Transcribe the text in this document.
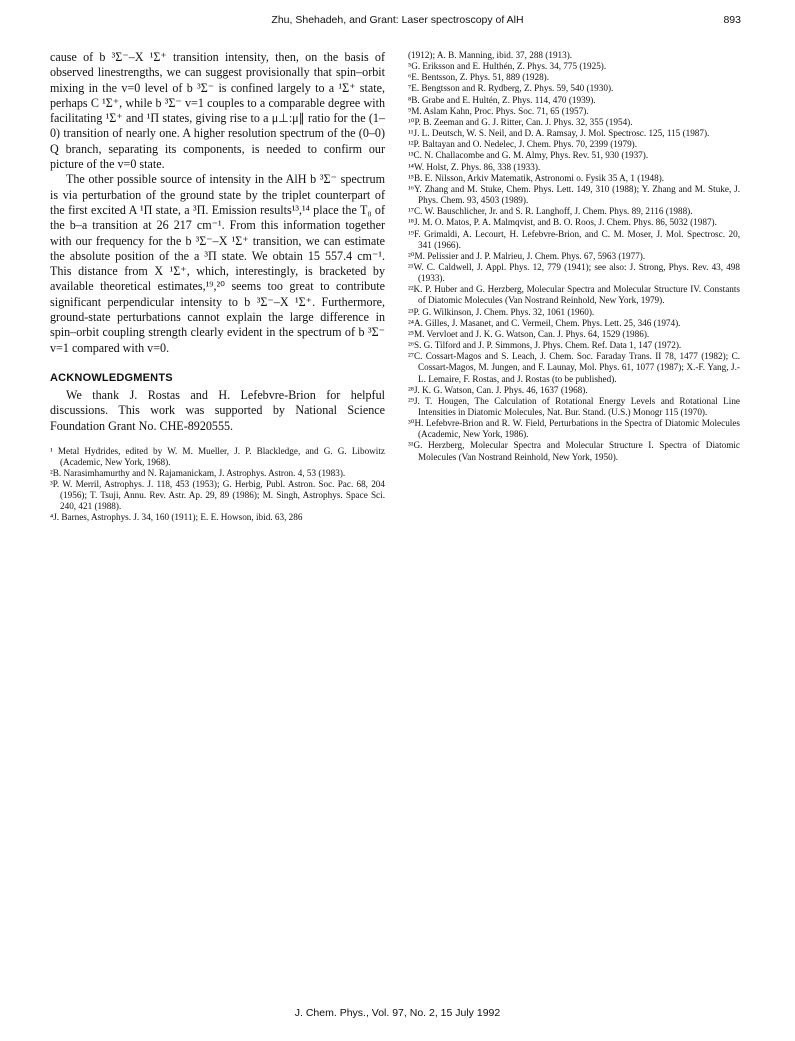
Zhu, Shehadeh, and Grant: Laser spectroscopy of AlH	893

cause of b ³Σ⁻–X ¹Σ⁺ transition intensity, then, on the basis of observed linestrengths, we can suggest provisionally that spin–orbit mixing in the v=0 level of b ³Σ⁻ is confined largely to a ¹Σ⁺ state, perhaps C ¹Σ⁺, while b ³Σ⁻ v=1 couples to a comparable degree with facilitating ¹Σ⁺ and ¹Π states, giving rise to a μ⊥:μ∥ ratio for the (1–0) transition of nearly one. A higher resolution spectrum of the (0–0) Q branch, separating its components, is needed to confirm our picture of the v=0 state.

The other possible source of intensity in the AlH b ³Σ⁻ spectrum is via perturbation of the ground state by the triplet counterpart of the first excited A ¹Π state, a ³Π. Emission results¹³,¹⁴ place the T₀ of the b–a transition at 26 217 cm⁻¹. From this information together with our frequency for the b ³Σ⁻–X ¹Σ⁺ transition, we can estimate the absolute position of the a ³Π state. We obtain 15 557.4 cm⁻¹. This distance from X ¹Σ⁺, which, interestingly, is bracketed by available theoretical estimates,¹⁹,²⁰ seems too great to contribute significant perpendicular intensity to b ³Σ⁻–X ¹Σ⁺. Furthermore, ground-state perturbations cannot explain the large difference in spin–orbit coupling strength clearly evident in the spectrum of b ³Σ⁻ v=1 compared with v=0.

ACKNOWLEDGMENTS

We thank J. Rostas and H. Lefebvre-Brion for helpful discussions. This work was supported by National Science Foundation Grant No. CHE-8920555.

¹ Metal Hydrides, edited by W. M. Mueller, J. P. Blackledge, and G. G. Libowitz (Academic, New York, 1968).

²B. Narasimhamurthy and N. Rajamanickam, J. Astrophys. Astron. 4, 53 (1983).

³P. W. Merril, Astrophys. J. 118, 453 (1953); G. Herbig, Publ. Astron. Soc. Pac. 68, 204 (1956); T. Tsuji, Annu. Rev. Astr. Ap. 29, 89 (1986); M. Singh, Astrophys. Space Sci. 240, 421 (1988).

⁴J. Barnes, Astrophys. J. 34, 160 (1911); E. E. Howson, ibid. 63, 286

(1912); A. B. Manning, ibid. 37, 288 (1913).

⁵G. Eriksson and E. Hulthén, Z. Phys. 34, 775 (1925).

⁶E. Bentsson, Z. Phys. 51, 889 (1928).

⁷E. Bengtsson and R. Rydberg, Z. Phys. 59, 540 (1930).

⁸B. Grabe and E. Hultén, Z. Phys. 114, 470 (1939).

⁹M. Aslam Kahn, Proc. Phys. Soc. 71, 65 (1957).

¹⁰P. B. Zeeman and G. J. Ritter, Can. J. Phys. 32, 355 (1954).

¹¹J. L. Deutsch, W. S. Neil, and D. A. Ramsay, J. Mol. Spectrosc. 125, 115 (1987).

¹²P. Baltayan and O. Nedelec, J. Chem. Phys. 70, 2399 (1979).

¹³C. N. Challacombe and G. M. Almy, Phys. Rev. 51, 930 (1937).

¹⁴W. Holst, Z. Phys. 86, 338 (1933).

¹⁵B. E. Nilsson, Arkiv Matematik, Astronomi o. Fysik 35 A, 1 (1948).

¹⁶Y. Zhang and M. Stuke, Chem. Phys. Lett. 149, 310 (1988); Y. Zhang and M. Stuke, J. Phys. Chem. 93, 4503 (1989).

¹⁷C. W. Bauschlicher, Jr. and S. R. Langhoff, J. Chem. Phys. 89, 2116 (1988).

¹⁸J. M. O. Matos, P. A. Malmqvist, and B. O. Roos, J. Chem. Phys. 86, 5032 (1987).

¹⁹F. Grimaldi, A. Lecourt, H. Lefebvre-Brion, and C. M. Moser, J. Mol. Spectrosc. 20, 341 (1966).

²⁰M. Pelissier and J. P. Malrieu, J. Chem. Phys. 67, 5963 (1977).

²¹W. C. Caldwell, J. Appl. Phys. 12, 779 (1941); see also: J. Strong, Phys. Rev. 43, 498 (1933).

²²K. P. Huber and G. Herzberg, Molecular Spectra and Molecular Structure IV. Constants of Diatomic Molecules (Van Nostrand Reinhold, New York, 1979).

²³P. G. Wilkinson, J. Chem. Phys. 32, 1061 (1960).

²⁴A. Gilles, J. Masanet, and C. Vermeil, Chem. Phys. Lett. 25, 346 (1974).

²⁵M. Vervloet and J. K. G. Watson, Can. J. Phys. 64, 1529 (1986).

²⁶S. G. Tilford and J. P. Simmons, J. Phys. Chem. Ref. Data 1, 147 (1972).

²⁷C. Cossart-Magos and S. Leach, J. Chem. Soc. Faraday Trans. II 78, 1477 (1982); C. Cossart-Magos, M. Jungen, and F. Launay, Mol. Phys. 61, 1077 (1987); X.-F. Yang, J.-L. Lemaire, F. Rostas, and J. Rostas (to be published).

²⁸J. K. G. Watson, Can. J. Phys. 46, 1637 (1968).

²⁹J. T. Hougen, The Calculation of Rotational Energy Levels and Rotational Line Intensities in Diatomic Molecules, Nat. Bur. Stand. (U.S.) Monogr 115 (1970).

³⁰H. Lefebvre-Brion and R. W. Field, Perturbations in the Spectra of Diatomic Molecules (Academic, New York, 1986).

³¹G. Herzberg, Molecular Spectra and Molecular Structure I. Spectra of Diatomic Molecules (Van Nostrand Reinhold, New York, 1950).

J. Chem. Phys., Vol. 97, No. 2, 15 July 1992
